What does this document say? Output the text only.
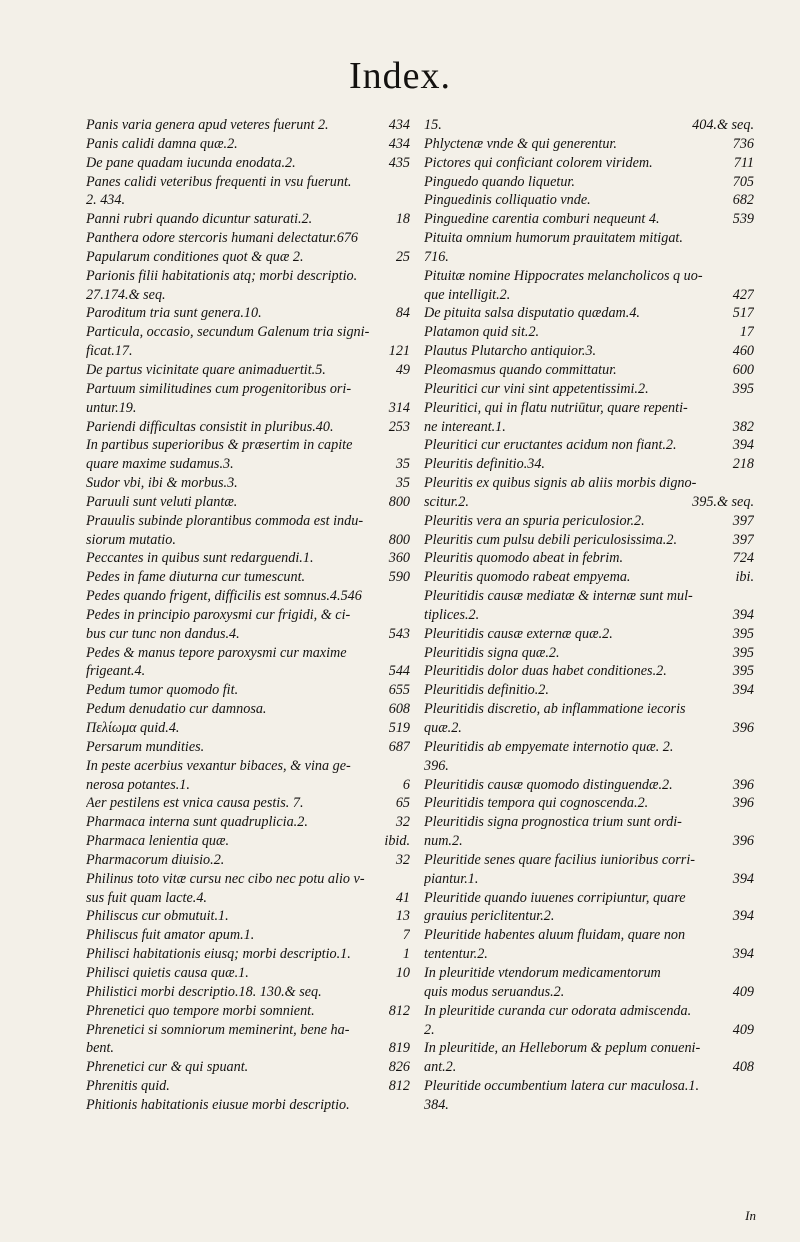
Index.
Panis varia genera apud veteres fuerunt 2.	434
Panis calidi damna quæ.2.	434
De pane quadam iucunda enodata.2.	435
Panes calidi veteribus frequenti in vsu fuerunt.
2. 434.
Panni rubri quando dicuntur saturati.2.	18
Panthera odore stercoris humani delectatur.676
Papularum conditiones quot & quæ 2.	25
Parionis filii habitationis atq; morbi descriptio.
27.174.& seq.
Paroditum tria sunt genera.10.	84
Particula, occasio, secundum Galenum tria signi-
ficat.17.	121
De partus vicinitate quare animaduertit.5.	49
Partuum similitudines cum progenitoribus ori-
untur.19.	314
Pariendi difficultas consistit in pluribus.40.	253
In partibus superioribus & præsertim in capite
quare maxime sudamus.3.	35
Sudor vbi, ibi & morbus.3.	35
Paruuli sunt veluti plantæ.	800
Prauulis subinde plorantibus commoda est indu-
siorum mutatio.	800
Peccantes in quibus sunt redarguendi.1.	360
Pedes in fame diuturna cur tumescunt.	590
Pedes quando frigent, difficilis est somnus.4.546
Pedes in principio paroxysmi cur frigidi, & ci-
bus cur tunc non dandus.4.	543
Pedes & manus tepore paroxysmi cur maxime
frigeant.4.	544
Pedum tumor quomodo fit.	655
Pedum denudatio cur damnosa.	608
Πελίωμα quid.4.	519
Persarum mundities.	687
In peste acerbius vexantur bibaces, & vina ge-
nerosa potantes.1.	6
Aer pestilens est vnica causa pestis. 7.	65
Pharmaca interna sunt quadruplicia.2.	32
Pharmaca lenientia quæ.	ibid.
Pharmacorum diuisio.2.	32
Philinus toto vitæ cursu nec cibo nec potu alio v-
sus fuit quam lacte.4.	41
Philiscus cur obmutuit.1.	13
Philiscus fuit amator apum.1.	7
Philisci habitationis eiusq; morbi descriptio.1.	1
Philisci quietis causa quæ.1.	10
Philistici morbi descriptio.18. 130.& seq.
Phrenetici quo tempore morbi somnient.	812
Phrenetici si somniorum meminerint, bene ha-
bent.	819
Phrenetici cur & qui spuant.	826
Phrenitis quid.	812
Phitionis habitationis eiusue morbi descriptio.
15.	404.& seq.
Phlyctenæ vnde & qui generentur.	736
Pictores qui conficiant colorem viridem.	711
Pinguedo quando liquetur.	705
Pinguedinis colliquatio vnde.	682
Pinguedine carentia comburi nequeunt 4.	539
Pituita omnium humorum prauitatem mitigat.
716.
Pituitæ nomine Hippocrates melancholicos q uo-
que intelligit.2.	427
De pituita salsa disputatio quædam.4.	517
Platamon quid sit.2.	17
Plautus Plutarcho antiquior.3.	460
Pleomasmus quando committatur.	600
Pleuritici cur vini sint appetentissimi.2.	395
Pleuritici, qui in flatu nutriūtur, quare repenti-
ne intereant.1.	382
Pleuritici cur eructantes acidum non fiant.2.	394
Pleuritis definitio.34.	218
Pleuritis ex quibus signis ab aliis morbis digno-
scitur.2.	395.& seq.
Pleuritis vera an spuria periculosior.2.	397
Pleuritis cum pulsu debili periculosissima.2.	397
Pleuritis quomodo abeat in febrim.	724
Pleuritis quomodo rabeat empyema.	ibi.
Pleuritidis causæ mediatæ & internæ sunt mul-
tiplices.2.	394
Pleuritidis causæ externæ quæ.2.	395
Pleuritidis signa quæ.2.	395
Pleuritidis dolor duas habet conditiones.2.	395
Pleuritidis definitio.2.	394
Pleuritidis discretio, ab inflammatione iecoris
quæ.2.	396
Pleuritidis ab empyemate internotio quæ. 2.
396.
Pleuritidis causæ quomodo distinguendæ.2.	396
Pleuritidis tempora qui cognoscenda.2.	396
Pleuritidis signa prognostica trium sunt ordi-
num.2.	396
Pleuritide senes quare facilius iunioribus corri-
piantur.1.	394
Pleuritide quando iuuenes corripiuntur, quare
grauius periclitentur.2.	394
Pleuritide habentes aluum fluidam, quare non
tententur.2.	394
In pleuritide vtendorum medicamentorum
quis modus seruandus.2.	409
In pleuritide curanda cur odorata admiscenda.
2.	409
In pleuritide, an Helleborum & peplum conueni-
ant.2.	408
Pleuritide occumbentium latera cur maculosa.1.
384.
In
